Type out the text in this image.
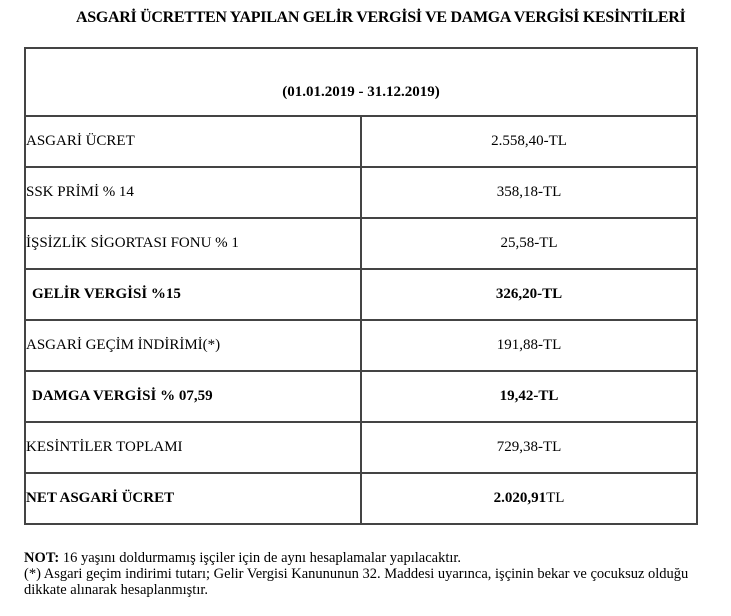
ASGARİ ÜCRETTEN YAPILAN GELİR VERGİSİ VE DAMGA VERGİSİ KESİNTİLERİ
(01.01.2019 - 31.12.2019)	
ASGARİ ÜCRET	2.558,40-TL
SSK PRİMİ % 14	358,18-TL
İŞSİZLİK SİGORTASI FONU % 1	25,58-TL
GELİR VERGİSİ %15	326,20-TL
ASGARİ GEÇİM İNDİRİMİ(*)	191,88-TL
DAMGA VERGİSİ % 07,59	19,42-TL
KESİNTİLER TOPLAMI	729,38-TL
NET ASGARİ ÜCRET	2.020,91TL
NOT: 16 yaşını doldurmamış işçiler için de aynı hesaplamalar yapılacaktır.
(*) Asgari geçim indirimi tutarı; Gelir Vergisi Kanununun 32. Maddesi uyarınca, işçinin bekar ve çocuksuz olduğu dikkate alınarak hesaplanmıştır.
